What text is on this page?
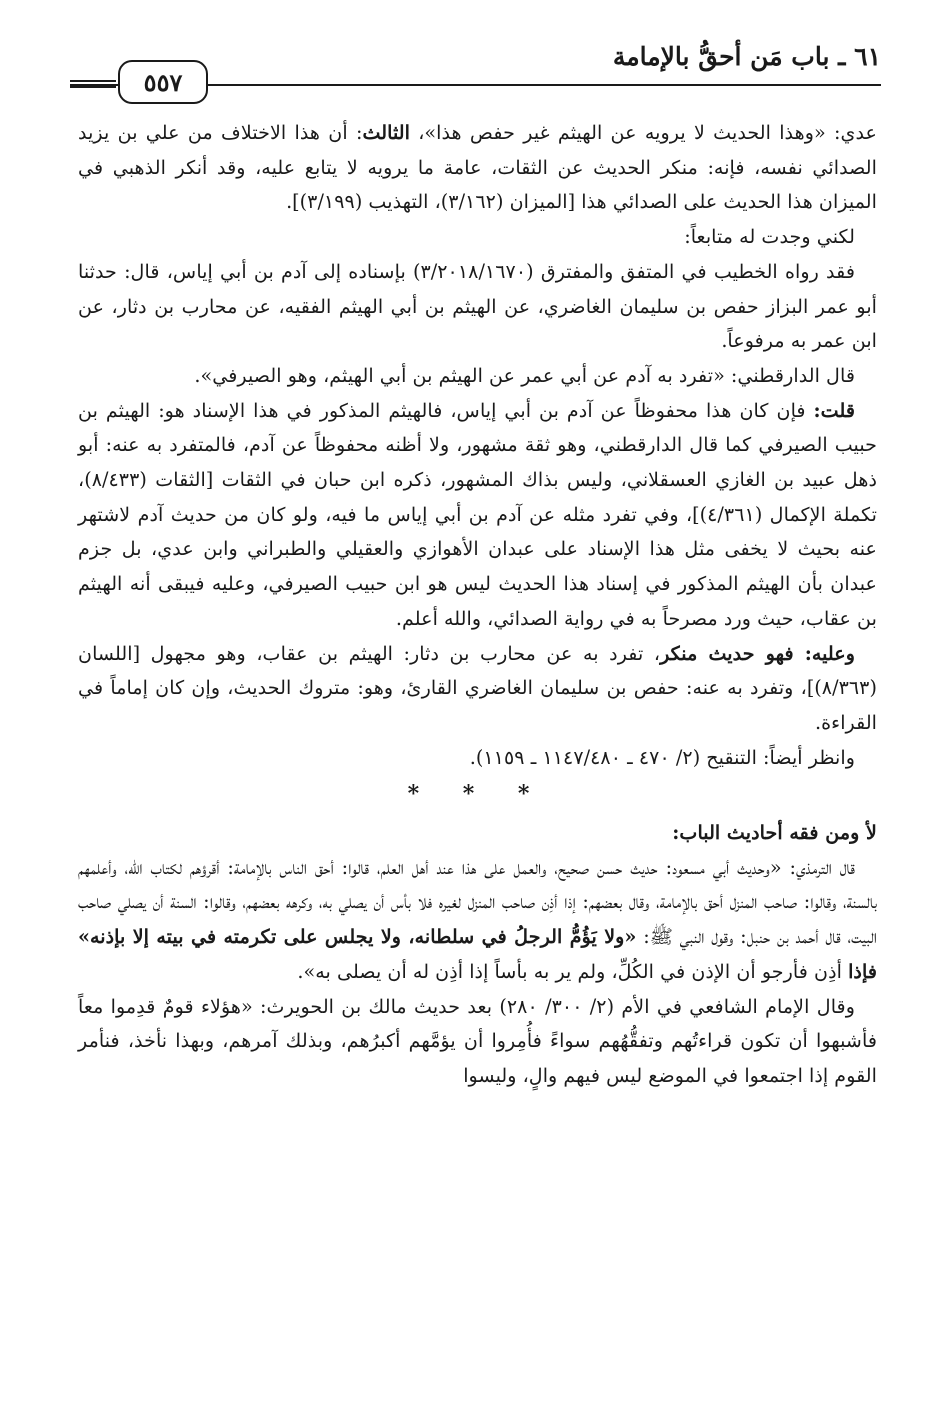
٦١ ـ باب مَن أحقُّ بالإمامة
٥٥٧

عدي: «وهذا الحديث لا يرويه عن الهيثم غير حفص هذا»، الثالث: أن هذا الاختلاف من علي بن يزيد الصدائي نفسه، فإنه: منكر الحديث عن الثقات، عامة ما يرويه لا يتابع عليه، وقد أنكر الذهبي في الميزان هذا الحديث على الصدائي هذا [الميزان (٣/١٦٢)، التهذيب (٣/١٩٩)].

لكني وجدت له متابعاً:

فقد رواه الخطيب في المتفق والمفترق (٣/٢٠١٨/١٦٧٠) بإسناده إلى آدم بن أبي إياس، قال: حدثنا أبو عمر البزاز حفص بن سليمان الغاضري، عن الهيثم بن أبي الهيثم الفقيه، عن محارب بن دثار، عن ابن عمر به مرفوعاً.

قال الدارقطني: «تفرد به آدم عن أبي عمر عن الهيثم بن أبي الهيثم، وهو الصيرفي».

قلت: فإن كان هذا محفوظاً عن آدم بن أبي إياس، فالهيثم المذكور في هذا الإسناد هو: الهيثم بن حبيب الصيرفي كما قال الدارقطني، وهو ثقة مشهور، ولا أظنه محفوظاً عن آدم، فالمتفرد به عنه: أبو ذهل عبيد بن الغازي العسقلاني، وليس بذاك المشهور، ذكره ابن حبان في الثقات [الثقات (٨/٤٣٣)، تكملة الإكمال (٤/٣٦١)]، وفي تفرد مثله عن آدم بن أبي إياس ما فيه، ولو كان من حديث آدم لاشتهر عنه بحيث لا يخفى مثل هذا الإسناد على عبدان الأهوازي والعقيلي والطبراني وابن عدي، بل جزم عبدان بأن الهيثم المذكور في إسناد هذا الحديث ليس هو ابن حبيب الصيرفي، وعليه فيبقى أنه الهيثم بن عقاب، حيث ورد مصرحاً به في رواية الصدائي، والله أعلم.

وعليه: فهو حديث منكر، تفرد به عن محارب بن دثار: الهيثم بن عقاب، وهو مجهول [اللسان (٨/٣٦٣)]، وتفرد به عنه: حفص بن سليمان الغاضري القارئ، وهو: متروك الحديث، وإن كان إماماً في القراءة.

وانظر أيضاً: التنقيح (٢/ ٤٧٠ ـ ١١٤٧/٤٨٠ ـ ١١٥٩).

* * *

ﻷ ومن فقه أحاديث الباب:

قال الترمذي: «وحديث أبي مسعود: حديث حسن صحيح، والعمل على هذا عند أهل العلم، قالوا: أحق الناس بالإمامة: أقرؤهم لكتاب الله، وأعلمهم بالسنة، وقالوا: صاحب المنزل أحق بالإمامة، وقال بعضهم: إذا أذِن صاحب المنزل لغيره فلا بأس أن يصلي به، وكرهه بعضهم، وقالوا: السنة أن يصلي صاحب البيت، قال أحمد بن حنبل: وقول النبي ﷺ: «ولا يَؤُمُّ الرجلُ في سلطانه، ولا يجلس على تكرمته في بيته إلا بإذنه» فإذا أذِن فأرجو أن الإذن في الكُلِّ، ولم ير به بأساً إذا أذِن له أن يصلى به».

وقال الإمام الشافعي في الأم (٢/ ٣٠٠/ ٢٨٠) بعد حديث مالك بن الحويرث: «هؤلاء قومٌ قدِموا معاً فأشبهوا أن تكون قراءتُهم وتفقُّهُهم سواءً فأُمِروا أن يؤمَّهم أكبرُهم، وبذلك آمرهم، وبهذا نأخذ، فنأمر القوم إذا اجتمعوا في الموضع ليس فيهم والٍ، وليسوا
